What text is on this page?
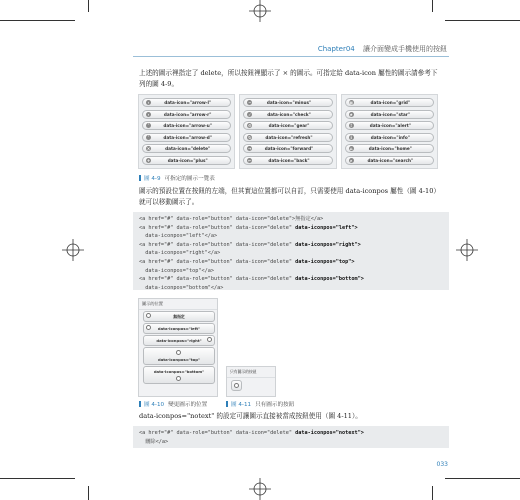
Chapter04 讓介面變成手機使用的按鈕

上述的圖示裡指定了 delete，所以按鈕裡顯示了 × 的圖示。可指定給 data-icon 屬性的圖示請參考下列的圖 4-9。

‹	data-icon="arrow-l"
›	data-icon="arrow-r"
˄	data-icon="arrow-u"
˅	data-icon="arrow-d"
×	data-icon="delete"
+	data-icon="plus"
−	data-icon="minus"
✓	data-icon="check"
⚙	data-icon="gear"
↻	data-icon="refresh"
→	data-icon="forward"
←	data-icon="back"
▦	data-icon="grid"
★	data-icon="star"
!	data-icon="alert"
i	data-icon="info"
⌂	data-icon="home"
⌕	data-icon="search"
圖 4-9 可指定的圖示一覽表

圖示的預設位置在按鈕的左端，但其實這位置都可以自訂，只需要使用 data-iconpos 屬性（圖 4-10）就可以移動圖示了。

<a href="#" data-role="button" data-icon="delete">無指定</a>
<a href="#" data-role="button" data-icon="delete" data-iconpos="left">
data-iconpos="left"</a>
<a href="#" data-role="button" data-icon="delete" data-iconpos="right">
data-iconpos="right"</a>
<a href="#" data-role="button" data-icon="delete" data-iconpos="top">
data-iconpos="top"</a>
<a href="#" data-role="button" data-icon="delete" data-iconpos="bottom">
data-iconpos="bottom"</a>
圖示的位置
無指定
data-iconpos="left"
data-iconpos="right"
data-iconpos="top"
data-iconpos="bottom"	只有圖示的按鈕
圖 4-10 變更圖示的位置	圖 4-11 只有圖示的按鈕

data-iconpos="notext" 的設定可讓圖示直接被當成按鈕使用（圖 4-11）。

<a href="#" data-role="button" data-icon="delete" data-iconpos="notext">
刪除</a>
033
